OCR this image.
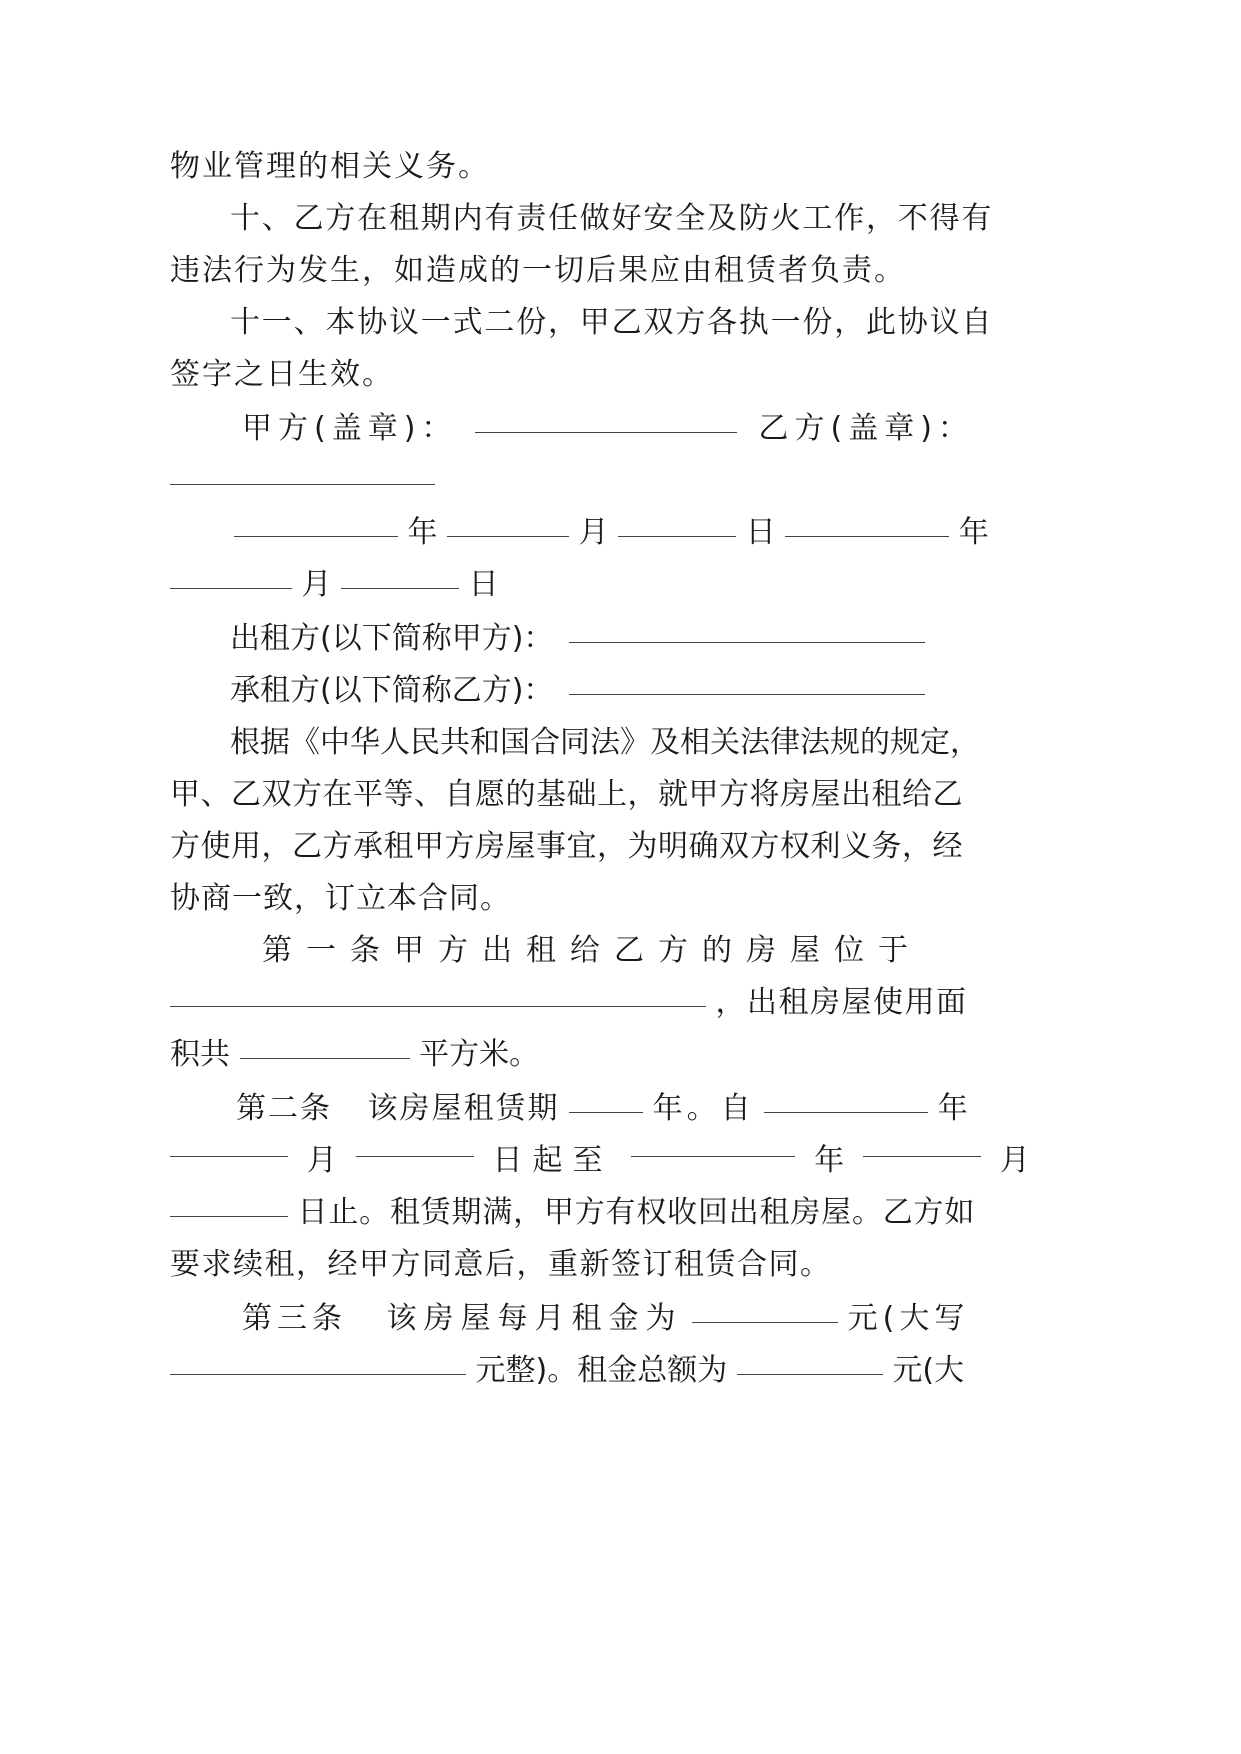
物业管理的相关义务。
十、乙方在租期内有责任做好安全及防火工作，不得有
违法行为发生，如造成的一切后果应由租赁者负责。
十一、本协议一式二份，甲乙双方各执一份，此协议自
签字之日生效。
甲方(盖章)：	乙方(盖章)：
年	月	日	年
月	日
出租方(以下简称甲方)：
承租方(以下简称乙方)：
根据《中华人民共和国合同法》及相关法律法规的规定，
甲、乙双方在平等、自愿的基础上，就甲方将房屋出租给乙
方使用，乙方承租甲方房屋事宜，为明确双方权利义务，经
协商一致，订立本合同。
第一条甲方出租给乙方的房屋位于
，出租房屋使用面
积共	平方米。
第二条 该房屋租赁期	年。自	年
月	日起至	年	月
日止。租赁期满，甲方有权收回出租房屋。乙方如
要求续租，经甲方同意后，重新签订租赁合同。
第三条 该房屋每月租金为	元(大写
元整)。租金总额为	元(大
